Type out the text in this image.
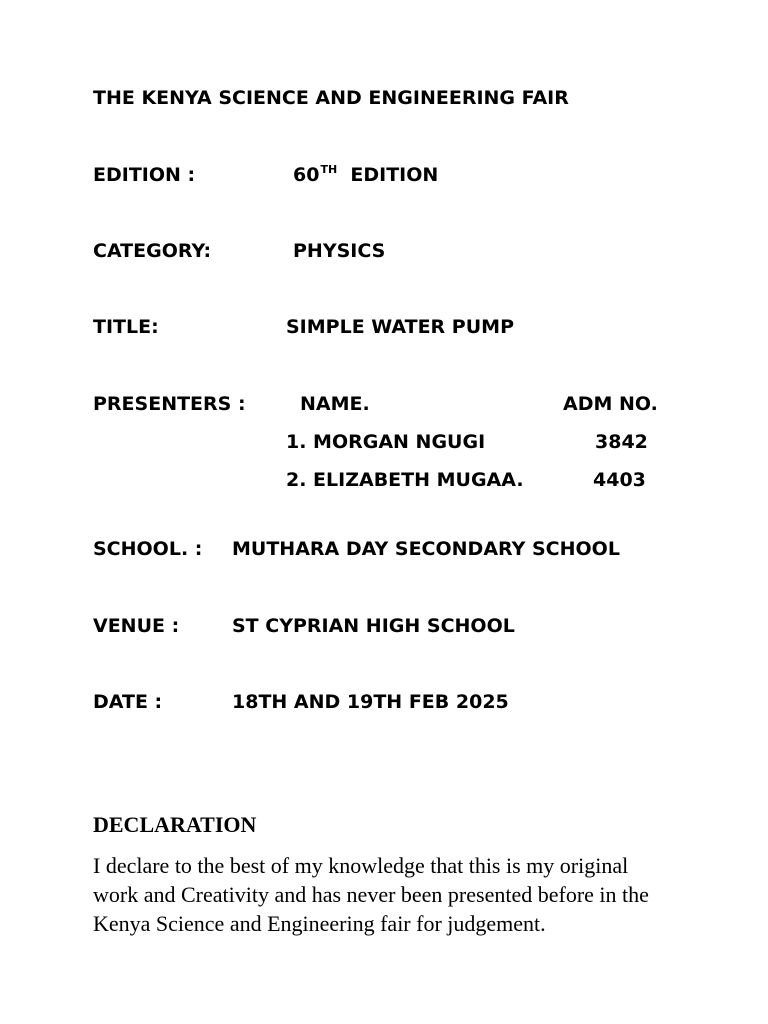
THE KENYA SCIENCE AND ENGINEERING FAIR
EDITION :	60TH EDITION
CATEGORY:	PHYSICS
TITLE:	SIMPLE WATER PUMP
PRESENTERS :	NAME.	ADM NO.
1. MORGAN NGUGI	3842
2. ELIZABETH MUGAA.	4403
SCHOOL. : MUTHARA DAY SECONDARY SCHOOL
VENUE :	ST CYPRIAN HIGH SCHOOL
DATE :	18TH AND 19TH FEB 2025
DECLARATION
I declare to the best of my knowledge that this is my original work and Creativity and has never been presented before in the Kenya Science and Engineering fair for judgement.
